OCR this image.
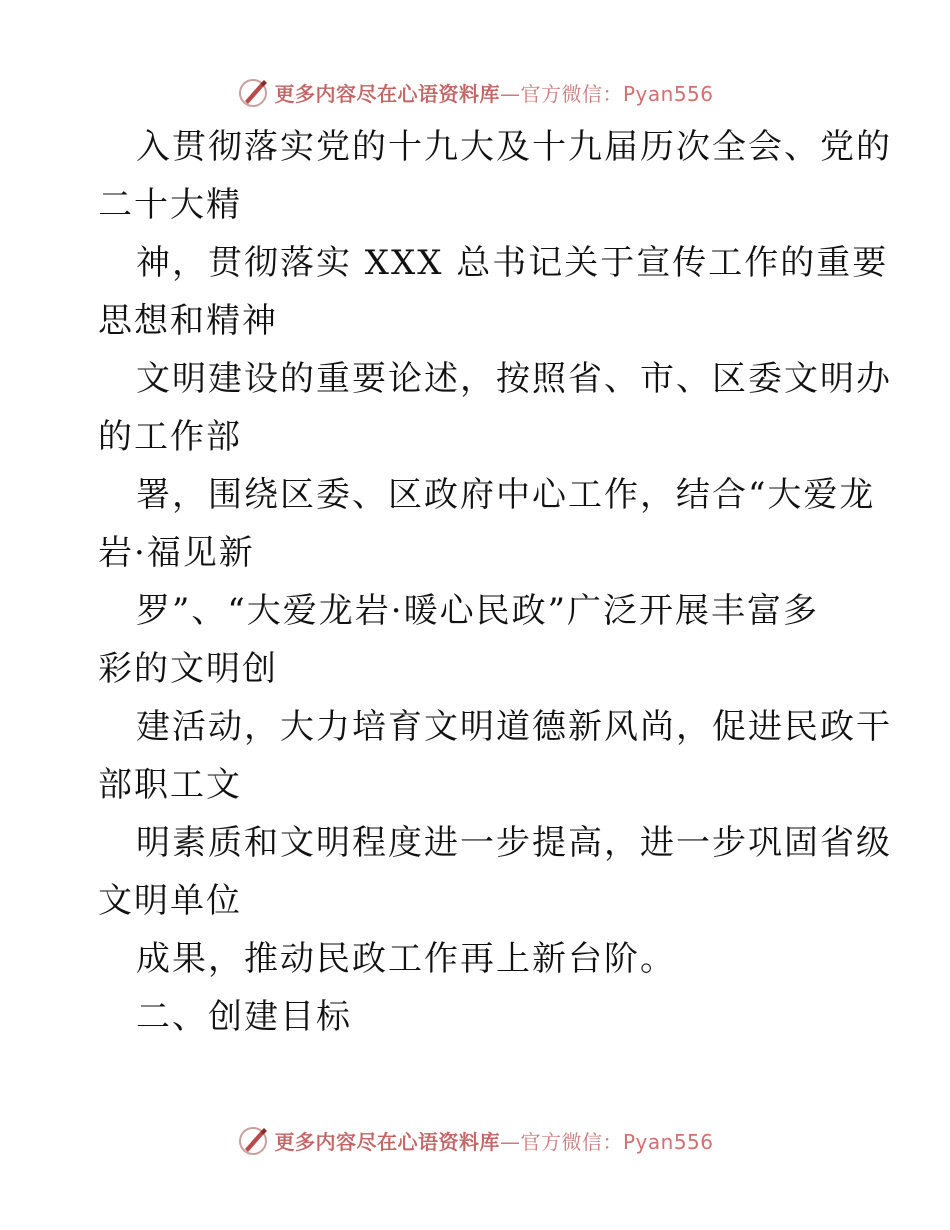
更多内容尽在心语资料库—官方微信：Pyan556
入贯彻落实党的十九大及十九届历次全会、党的
二十大精
神，贯彻落实 XXX 总书记关于宣传工作的重要
思想和精神
文明建设的重要论述，按照省、市、区委文明办
的工作部
署，围绕区委、区政府中心工作，结合“大爱龙
岩·福见新
罗”、“大爱龙岩·暖心民政”广泛开展丰富多
彩的文明创
建活动，大力培育文明道德新风尚，促进民政干
部职工文
明素质和文明程度进一步提高，进一步巩固省级
文明单位
成果，推动民政工作再上新台阶。
二、创建目标
更多内容尽在心语资料库—官方微信：Pyan556
